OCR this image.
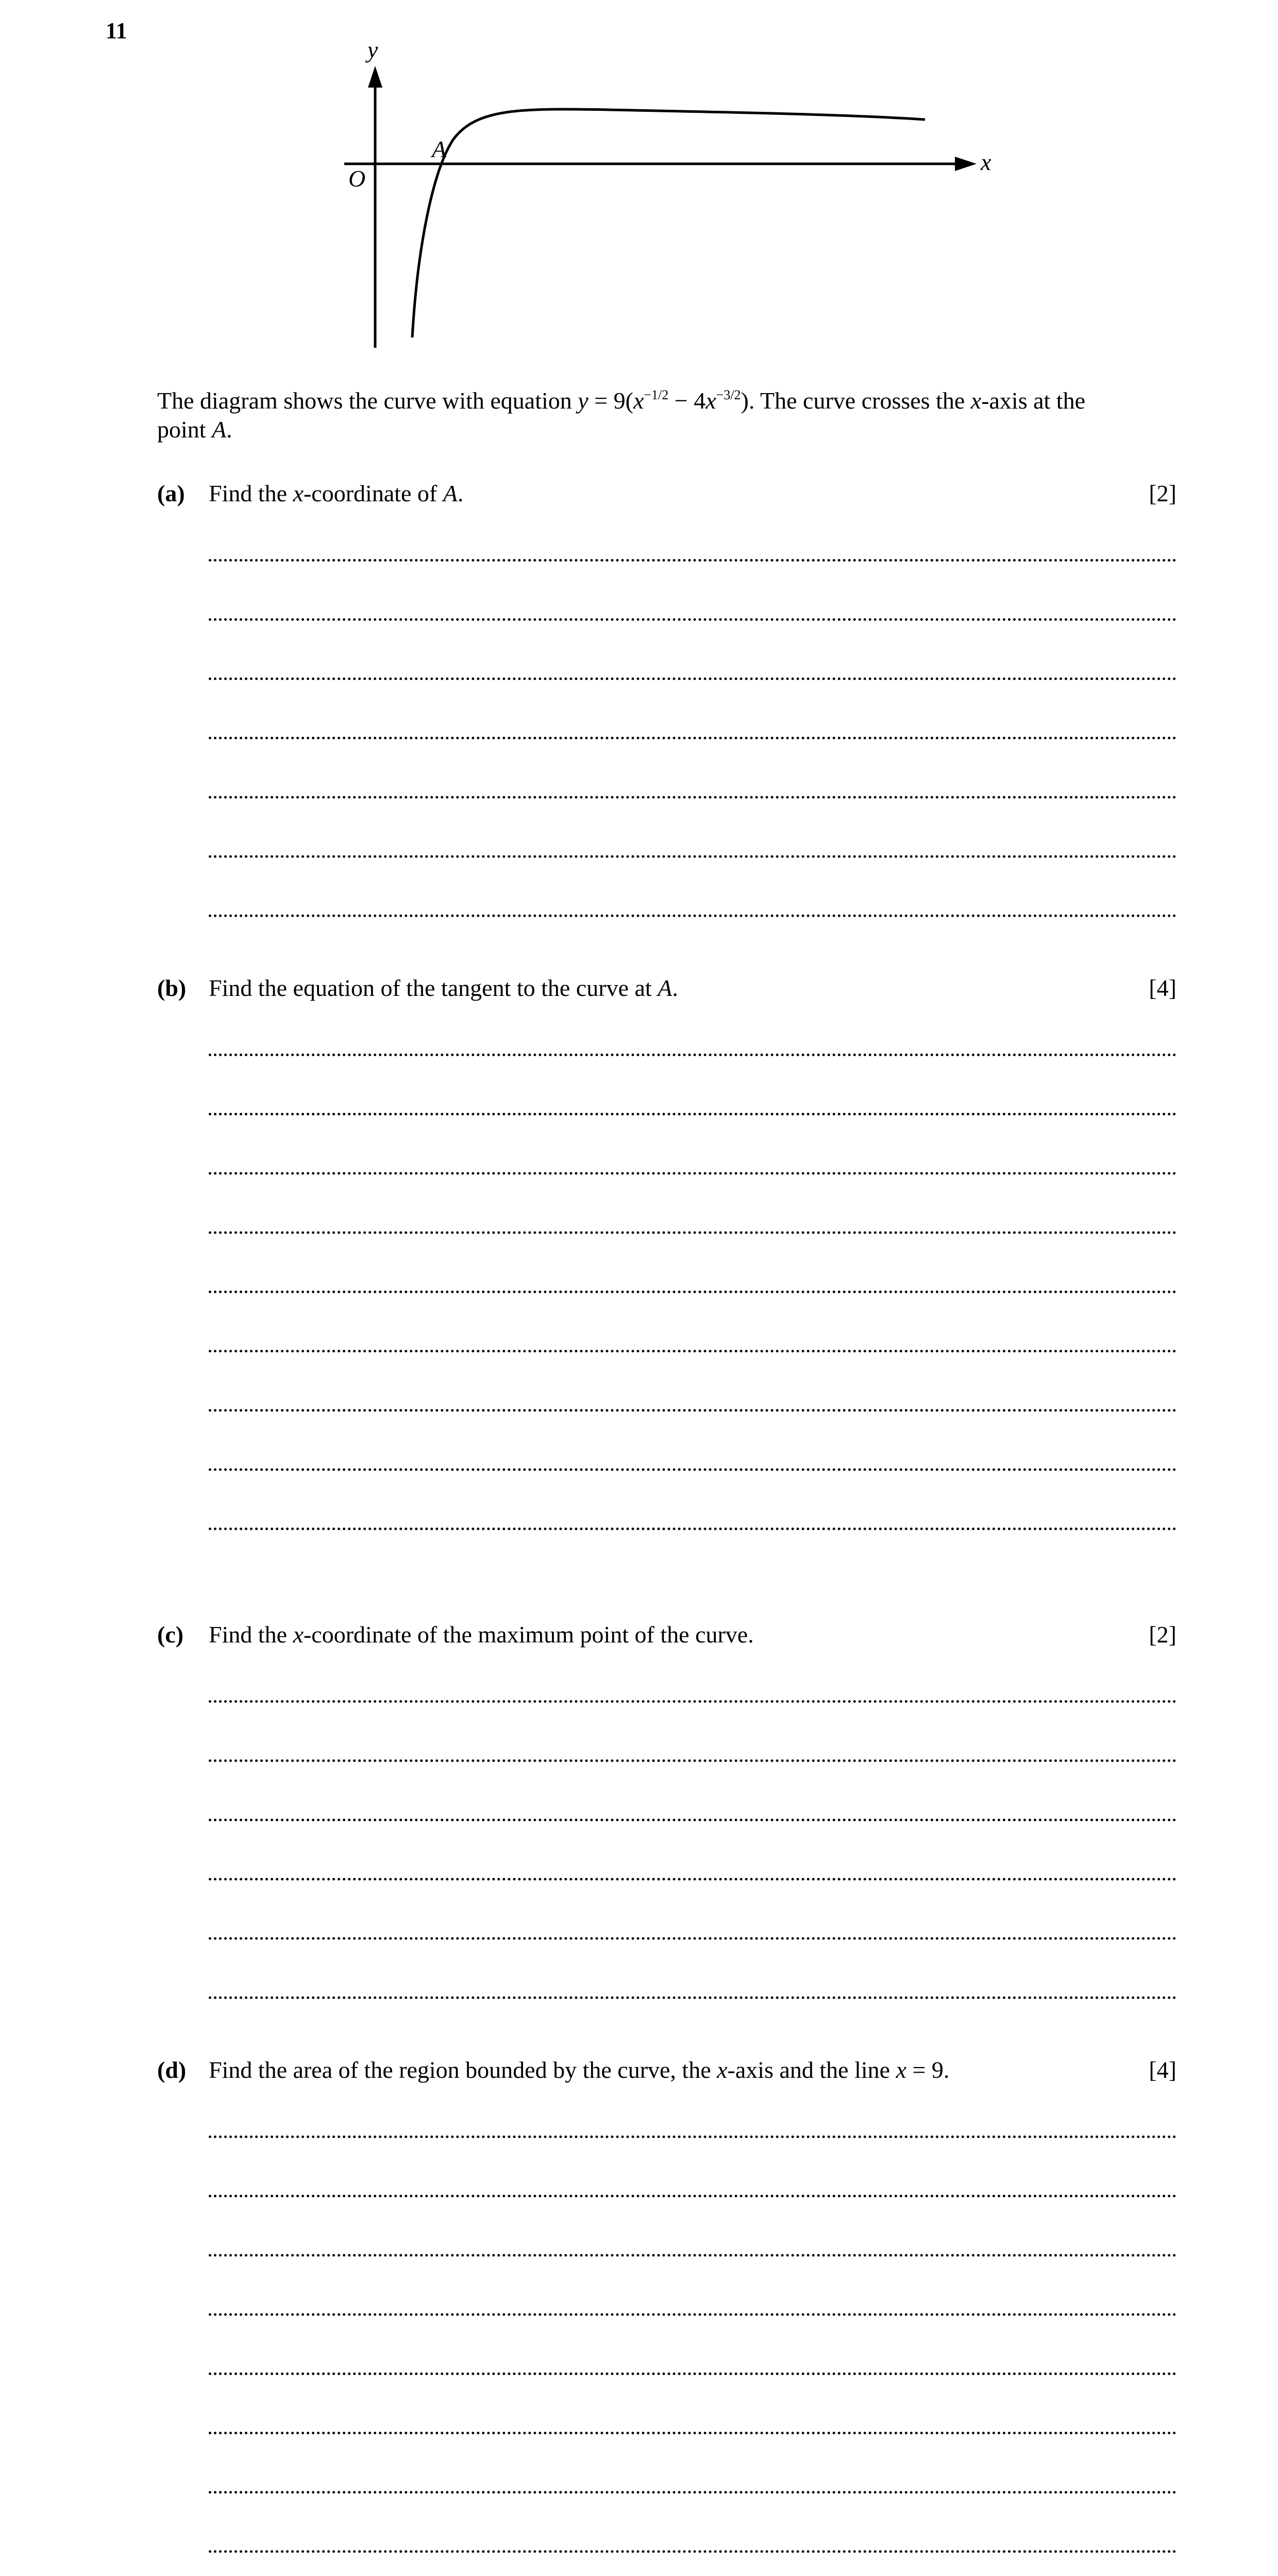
11
y
x
O
A
The diagram shows the curve with equation y = 9(x−1/2 − 4x−3/2). The curve crosses the x-axis at the
point A.
(a) Find the x-coordinate of A.	[2]
(b) Find the equation of the tangent to the curve at A.	[4]
(c) Find the x-coordinate of the maximum point of the curve.	[2]
(d) Find the area of the region bounded by the curve, the x-axis and the line x = 9.	[4]
